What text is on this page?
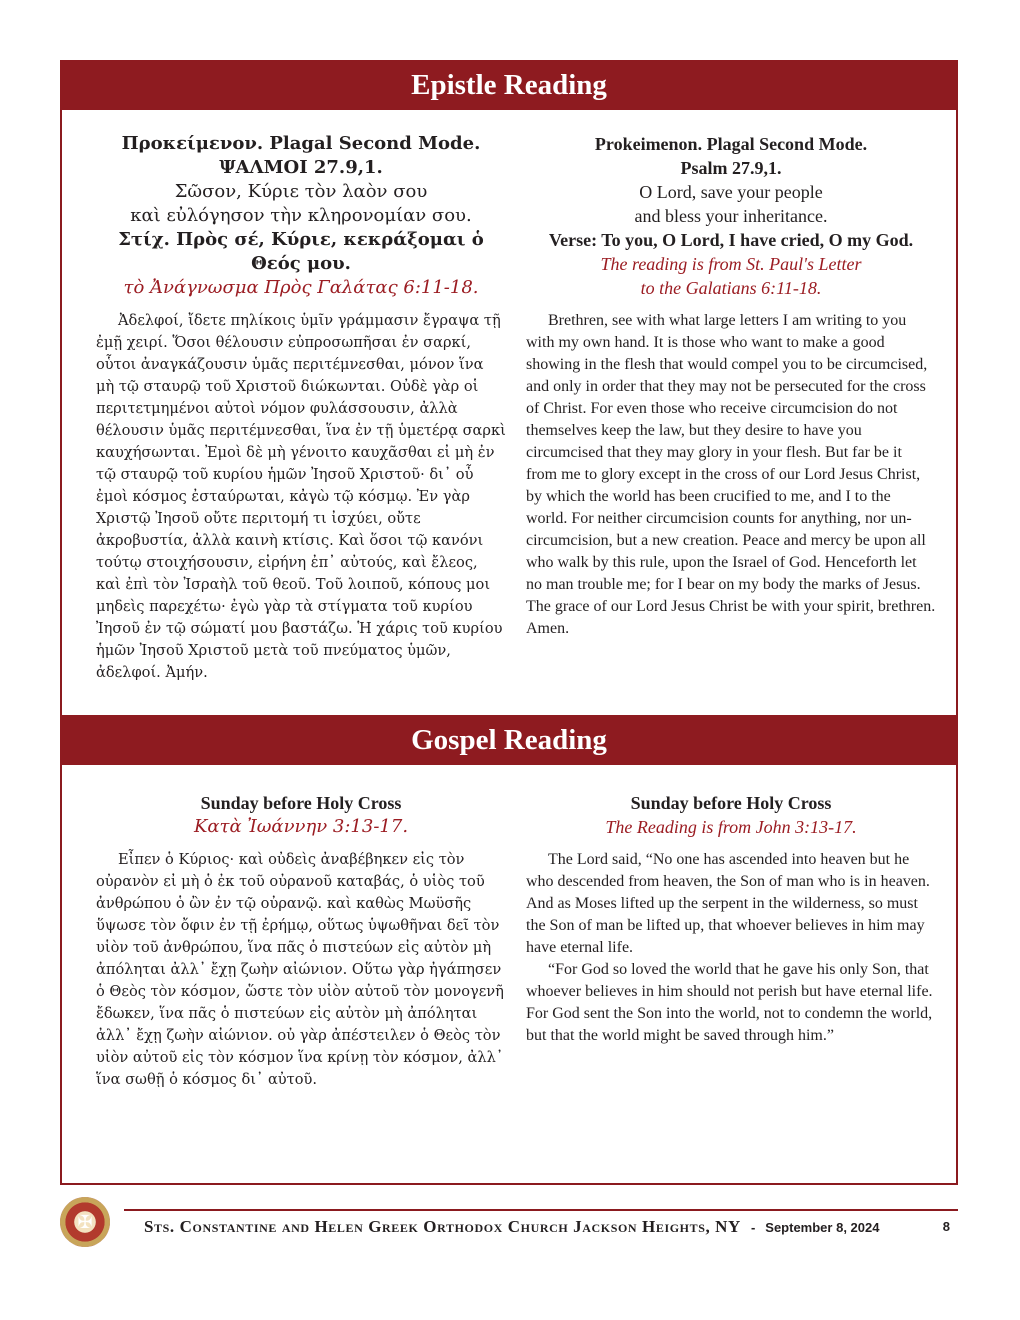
Epistle Reading
Προκείμενον. Plagal Second Mode.
ΨΑΛΜΟΙ 27.9,1.
Σῶσον, Κύριε τὸν λαὸν σου
καὶ εὐλόγησον τὴν κληρονομίαν σου.
Στίχ. Πρὸς σέ, Κύριε, κεκράξομαι ὁ Θεός μου.
τὸ Ἀνάγνωσμα Πρὸς Γαλάτας 6:11-18.

Ἀδελφοί, ἴδετε πηλίκοις ὑμῖν γράμμασιν ἔγραψα τῇ ἐμῇ χειρί. Ὅσοι θέλουσιν εὐπροσωπῆσαι ἐν σαρκί, οὗτοι ἀναγκάζουσιν ὑμᾶς περιτέμνεσθαι, μόνον ἵνα μὴ τῷ σταυρῷ τοῦ Χριστοῦ διώκωνται. Οὐδὲ γὰρ οἱ περιτετμημένοι αὐτοὶ νόμον φυλάσσουσιν, ἀλλὰ θέλουσιν ὑμᾶς περιτέμνεσθαι, ἵνα ἐν τῇ ὑμετέρᾳ σαρκὶ καυχήσωνται. Ἐμοὶ δὲ μὴ γένοιτο καυχᾶσθαι εἰ μὴ ἐν τῷ σταυρῷ τοῦ κυρίου ἡμῶν Ἰησοῦ Χριστοῦ· δι᾽ οὗ ἐμοὶ κόσμος ἐσταύρωται, κἀγὼ τῷ κόσμῳ. Ἐν γὰρ Χριστῷ Ἰησοῦ οὔτε περιτομή τι ἰσχύει, οὔτε ἀκροβυστία, ἀλλὰ καινὴ κτίσις. Καὶ ὅσοι τῷ κανόνι τούτῳ στοιχήσουσιν, εἰρήνη ἐπ᾽ αὐτούς, καὶ ἔλεος, καὶ ἐπὶ τὸν Ἰσραὴλ τοῦ θεοῦ. Τοῦ λοιποῦ, κόπους μοι μηδεὶς παρεχέτω· ἐγὼ γὰρ τὰ στίγματα τοῦ κυρίου Ἰησοῦ ἐν τῷ σώματί μου βαστάζω. Ἡ χάρις τοῦ κυρίου ἡμῶν Ἰησοῦ Χριστοῦ μετὰ τοῦ πνεύματος ὑμῶν, ἀδελφοί. Ἀμήν.

Prokeimenon. Plagal Second Mode.
Psalm 27.9,1.
O Lord, save your people
and bless your inheritance.
Verse: To you, O Lord, I have cried, O my God.
The reading is from St. Paul's Letter
to the Galatians 6:11-18.

Brethren, see with what large letters I am writing to you with my own hand. It is those who want to make a good showing in the flesh that would compel you to be circumcised, and only in order that they may not be persecuted for the cross of Christ. For even those who receive circumcision do not themselves keep the law, but they desire to have you circumcised that they may glory in your flesh. But far be it from me to glory except in the cross of our Lord Jesus Christ, by which the world has been crucified to me, and I to the world. For neither circumcision counts for anything, nor un-circumcision, but a new creation. Peace and mercy be upon all who walk by this rule, upon the Israel of God. Henceforth let no man trouble me; for I bear on my body the marks of Jesus. The grace of our Lord Jesus Christ be with your spirit, brethren. Amen.

Gospel Reading
Sunday before Holy Cross
Κατὰ Ἰωάννην 3:13-17.

Εἶπεν ὁ Κύριος· καὶ οὐδεὶς ἀναβέβηκεν εἰς τὸν οὐρανὸν εἰ μὴ ὁ ἐκ τοῦ οὐρανοῦ καταβάς, ὁ υἱὸς τοῦ ἀνθρώπου ὁ ὢν ἐν τῷ οὐρανῷ. καὶ καθὼς Μωϋσῆς ὕψωσε τὸν ὄφιν ἐν τῇ ἐρήμῳ, οὕτως ὑψωθῆναι δεῖ τὸν υἱὸν τοῦ ἀνθρώπου, ἵνα πᾶς ὁ πιστεύων εἰς αὐτὸν μὴ ἀπόληται ἀλλ᾽ ἔχῃ ζωὴν αἰώνιον. Οὕτω γὰρ ἠγάπησεν ὁ Θεὸς τὸν κόσμον, ὥστε τὸν υἱὸν αὐτοῦ τὸν μονογενῆ ἔδωκεν, ἵνα πᾶς ὁ πιστεύων εἰς αὐτὸν μὴ ἀπόληται ἀλλ᾽ ἔχῃ ζωὴν αἰώνιον. οὐ γὰρ ἀπέστειλεν ὁ Θεὸς τὸν υἱὸν αὐτοῦ εἰς τὸν κόσμον ἵνα κρίνῃ τὸν κόσμον, ἀλλ᾽ ἵνα σωθῇ ὁ κόσμος δι᾽ αὐτοῦ.

Sunday before Holy Cross
The Reading is from John 3:13-17.

The Lord said, “No one has ascended into heaven but he who descended from heaven, the Son of man who is in heaven. And as Moses lifted up the serpent in the wilderness, so must the Son of man be lifted up, that whoever believes in him may have eternal life.

“For God so loved the world that he gave his only Son, that whoever believes in him should not perish but have eternal life. For God sent the Son into the world, not to condemn the world, but that the world might be saved through him.”

✠	Sts. Constantine and Helen Greek Orthodox Church Jackson Heights, NY - September 8, 2024	8
